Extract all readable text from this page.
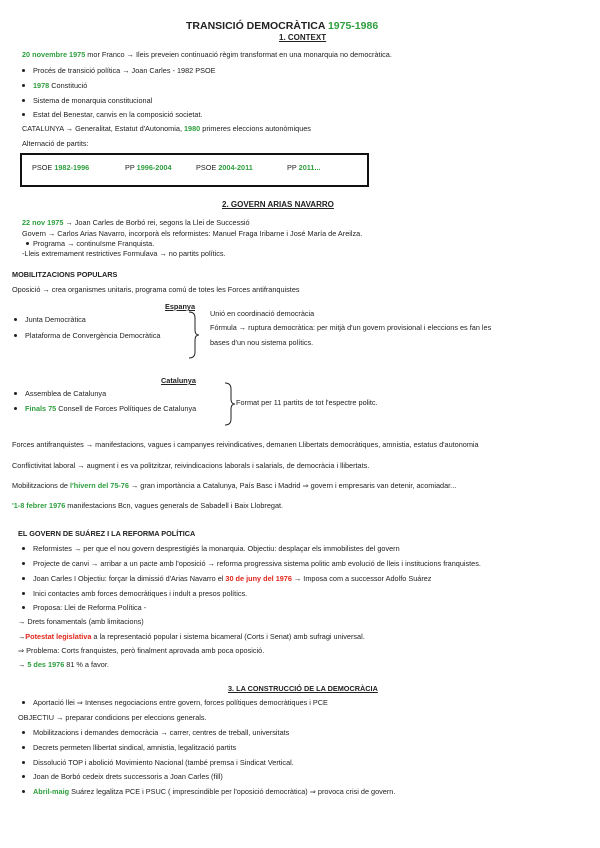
TRANSICIÓ DEMOCRÀTICA 1975-1986
1. CONTEXT
20 novembre 1975 mor Franco → Ileis preveien continuació règim transformat en una monarquia no democràtica.
Procés de transició política → Joan Carles - 1982 PSOE
1978 Constitució
Sistema de monarquia constitucional
Estat del Benestar, canvis en la composició societat.
CATALUNYA → Generalitat, Estatut d'Autonomia, 1980 primeres eleccions autonòmiques
Alternació de partits:
PSOE 1982-1996	PP 1996-2004	PSOE 2004-2011	PP 2011...
2. GOVERN ARIAS NAVARRO
22 nov 1975 → Joan Carles de Borbó rei, segons la Llei de Successió
Govern → Carlos Arias Navarro, incorporà els reformistes: Manuel Fraga Iribarne i José María de Areilza.
Programa → continuïsme Franquista.
-Lleis extremament restrictives Formulava → no partits polítics.
MOBILITZACIONS POPULARS
Oposició → crea organismes unitaris, programa comú de totes les Forces antifranquistes
Espanya
Junta Democràtica
Plataforma de Convergència Democràtica
Unió en coordinació democràcia
Fórmula → ruptura democràtica: per mitjà d'un govern provisional i eleccions es fan les
bases d'un nou sistema polítics.
Catalunya
Assemblea de Catalunya
Finals 75 Consell de Forces Polítiques de Catalunya
Format per 11 partits de tot l'espectre politc.
Forces antifranquistes → manifestacions, vagues i campanyes reivindicatives, demanen Llibertats democràtiques, amnistia, estatus d'autonomia
Conflictivitat laboral → augment i es va politzitzar, reivindicacions laborals i salarials, de democràcia i llibertats.
Mobilitzacions de l'hivern del 75-76 → gran importància a Catalunya, País Basc i Madrid ⇒ govern i empresaris van detenir, acomiadar...
'1-8 febrer 1976 manifestacions Bcn, vagues generals de Sabadell i Baix Llobregat.
EL GOVERN DE SUÁREZ I LA REFORMA POLÍTICA
Reformistes → per que el nou govern desprestigiés la monarquia. Objectiu: desplaçar els immobilistes del govern
Projecte de canvi → arribar a un pacte amb l'oposició → reforma progressiva sistema politic amb evolució de lleis i institucions franquistes.
Joan Carles I Objectiu: forçar la dimissió d'Arias Navarro el 30 de juny del 1976 → Imposa com a successor Adolfo Suárez
Inici contactes amb forces democràtiques i indult a presos polítics.
Proposa: Llei de Reforma Política -
→ Drets fonamentals (amb limitacions)
→Potestat legislativa a la representació popular i sistema bicameral (Corts i Senat) amb sufragi universal.
⇒ Problema: Corts franquistes, però finalment aprovada amb poca oposició.
→ 5 des 1976 81 % a favor.
3. LA CONSTRUCCIÓ DE LA DEMOCRÀCIA
Aportació llei ⇒ Intenses negociacions entre govern, forces polítiques democràtiques i PCE
OBJECTIU → preparar condicions per eleccions generals.
Mobilitzacions i demandes democràcia → carrer, centres de treball, universitats
Decrets permeten llibertat sindical, amnistia, legalització partits
Dissolució TOP i abolició Movimiento Nacional (també premsa i Sindicat Vertical.
Joan de Borbó cedeix drets successoris a Joan Carles (fill)
Abril-maig Suárez legalitza PCE i PSUC ( imprescindible per l'oposició democràtica) ⇒ provoca crisi de govern.
